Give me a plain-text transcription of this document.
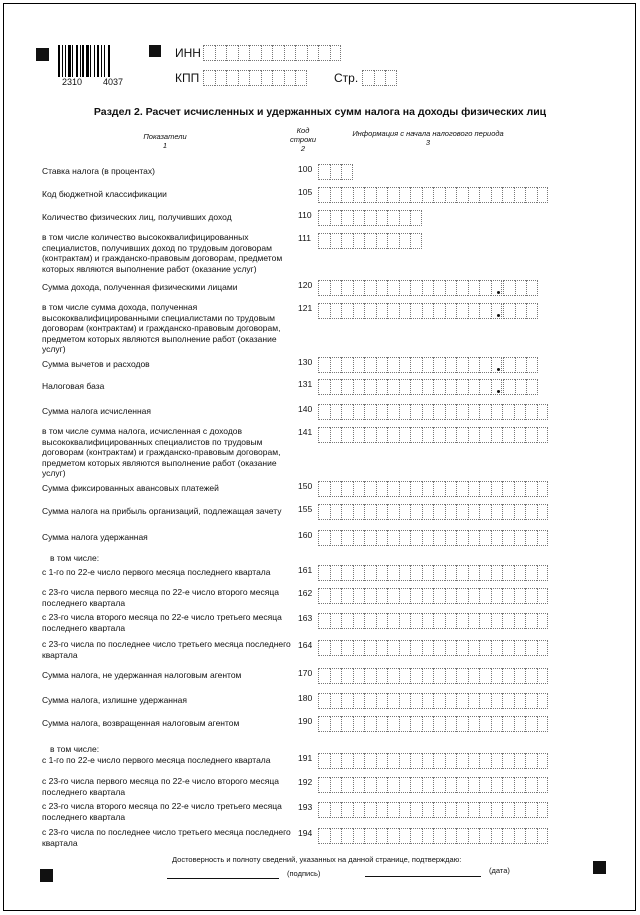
2310 4037
ИНН
КПП	Стр.
Раздел 2. Расчет исчисленных и удержанных сумм налога на доходы физических лиц
Показатели
1
Код
строки
2
Информация с начала налогового периода
3
Ставка налога (в процентах)	100
Код бюджетной классификации	105
Количество физических лиц, получивших доход	110
в том числе количество высококвалифицированных специалистов, получивших доход по трудовым договорам (контрактам) и гражданско-правовым договорам, предметом которых являются выполнение работ (оказание услуг)
111
Сумма дохода, полученная физическими лицами	120
в том числе сумма дохода, полученная высококвалифицированными специалистами по трудовым договорам (контрактам) и гражданско-правовым договорам, предметом которых являются выполнение работ (оказание услуг)
121
Сумма вычетов и расходов	130
Налоговая база	131
Сумма налога исчисленная	140
в том числе сумма налога, исчисленная с доходов высококвалифицированных специалистов по трудовым договорам (контрактам) и гражданско-правовым договорам, предметом которых являются выполнение работ (оказание услуг)
141
Сумма фиксированных авансовых платежей	150
Сумма налога на прибыль организаций, подлежащая зачету	155
Сумма налога удержанная	160
в том числе:
с 1-го по 22-е число первого месяца последнего квартала	161
с 23-го числа первого месяца по 22-е число второго месяца последнего квартала
162
с 23-го числа второго месяца по 22-е число третьего месяца последнего квартала
163
с 23-го числа по последнее число третьего месяца последнего квартала
164
Сумма налога, не удержанная налоговым агентом	170
Сумма налога, излишне удержанная	180
Сумма налога, возвращенная налоговым агентом	190
в том числе:
с 1-го по 22-е число первого месяца последнего квартала	191
с 23-го числа первого месяца по 22-е число второго месяца последнего квартала
192
с 23-го числа второго месяца по 22-е число третьего месяца последнего квартала
193
с 23-го числа по последнее число третьего месяца последнего квартала
194
Достоверность и полноту сведений, указанных на данной странице, подтверждаю:
(подпись)	(дата)
